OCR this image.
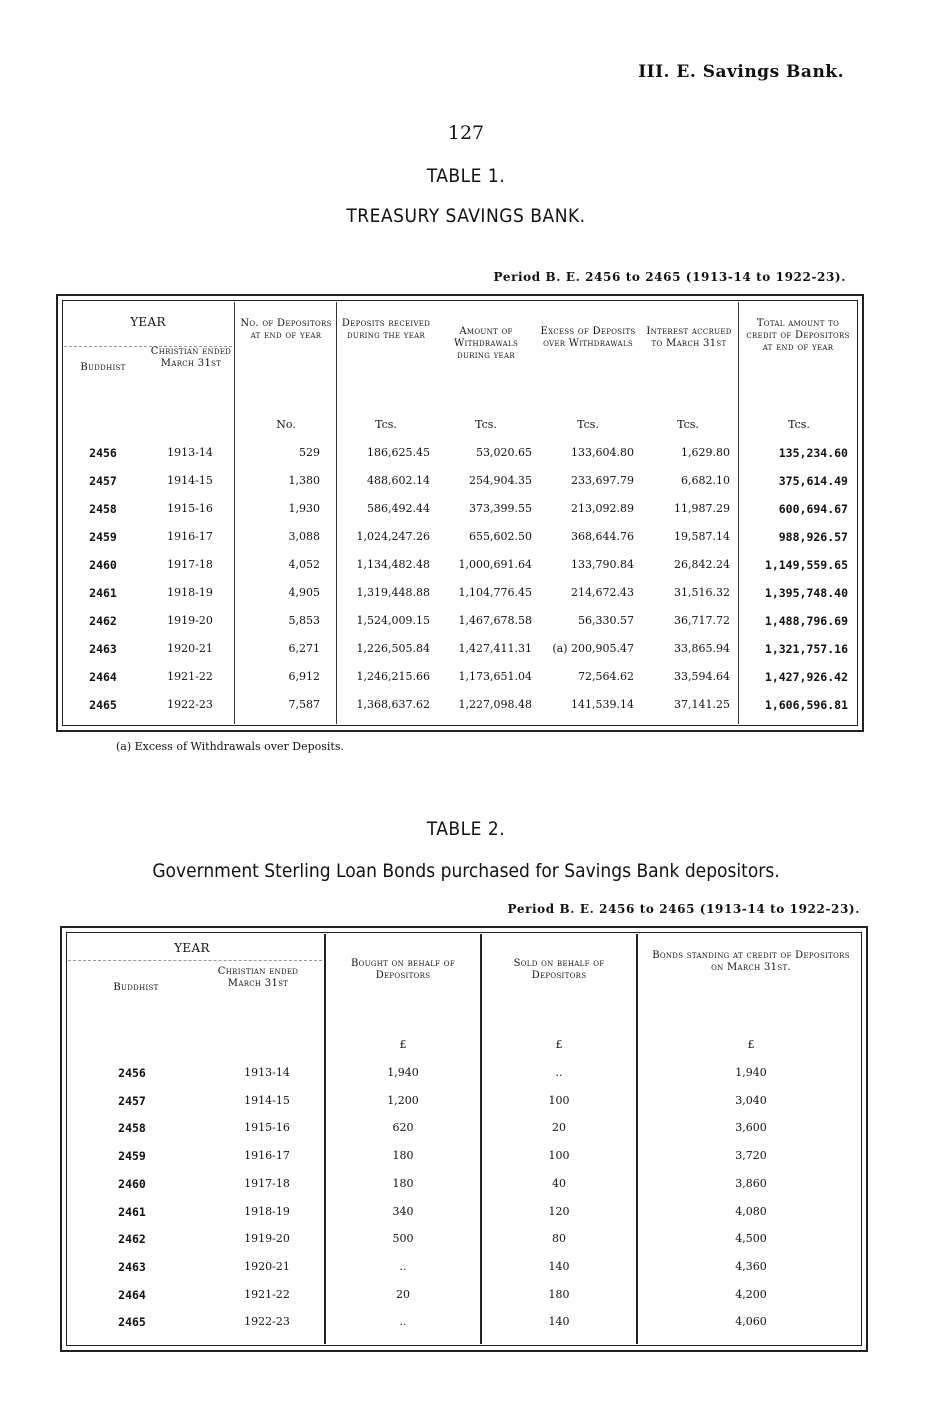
III. E. Savings Bank.
127
TABLE 1.
TREASURY SAVINGS BANK.
Period B. E. 2456 to 2465 (1913-14 to 1922-23).
YEAR
Buddhist
Christian ended March 31st
No. of Depositors at end of year
Deposits received during the year	Amount of Withdrawals during year
Excess of Deposits over Withdrawals
Interest accrued to March 31st
Total amount to credit of Depositors at end of year
No.	Tcs.	Tcs.	Tcs.	Tcs.	Tcs.
2456	1913-14	529	186,625.45	53,020.65	133,604.80	1,629.80	135,234.60
2457	1914-15	1,380	488,602.14	254,904.35	233,697.79	6,682.10	375,614.49
2458	1915-16	1,930	586,492.44	373,399.55	213,092.89	11,987.29	600,694.67
2459	1916-17	3,088	1,024,247.26	655,602.50	368,644.76	19,587.14	988,926.57
2460	1917-18	4,052	1,134,482.48	1,000,691.64	133,790.84	26,842.24	1,149,559.65
2461	1918-19	4,905	1,319,448.88	1,104,776.45	214,672.43	31,516.32	1,395,748.40
2462	1919-20	5,853	1,524,009.15	1,467,678.58	56,330.57	36,717.72	1,488,796.69
2463	1920-21	6,271	1,226,505.84	1,427,411.31	(a) 200,905.47	33,865.94	1,321,757.16
2464	1921-22	6,912	1,246,215.66	1,173,651.04	72,564.62	33,594.64	1,427,926.42
2465	1922-23	7,587	1,368,637.62	1,227,098.48	141,539.14	37,141.25	1,606,596.81
(a) Excess of Withdrawals over Deposits.
TABLE 2.
Government Sterling Loan Bonds purchased for Savings Bank depositors.
Period B. E. 2456 to 2465 (1913-14 to 1922-23).
YEAR
Buddhist
Christian ended March 31st
Bought on behalf of Depositors
Sold on behalf of Depositors
Bonds standing at credit of Depositors on March 31st.
£	£	£
2456	1913-14	1,940	..	1,940
2457	1914-15	1,200	100	3,040
2458	1915-16	620	20	3,600
2459	1916-17	180	100	3,720
2460	1917-18	180	40	3,860
2461	1918-19	340	120	4,080
2462	1919-20	500	80	4,500
2463	1920-21	..	140	4,360
2464	1921-22	20	180	4,200
2465	1922-23	..	140	4,060
